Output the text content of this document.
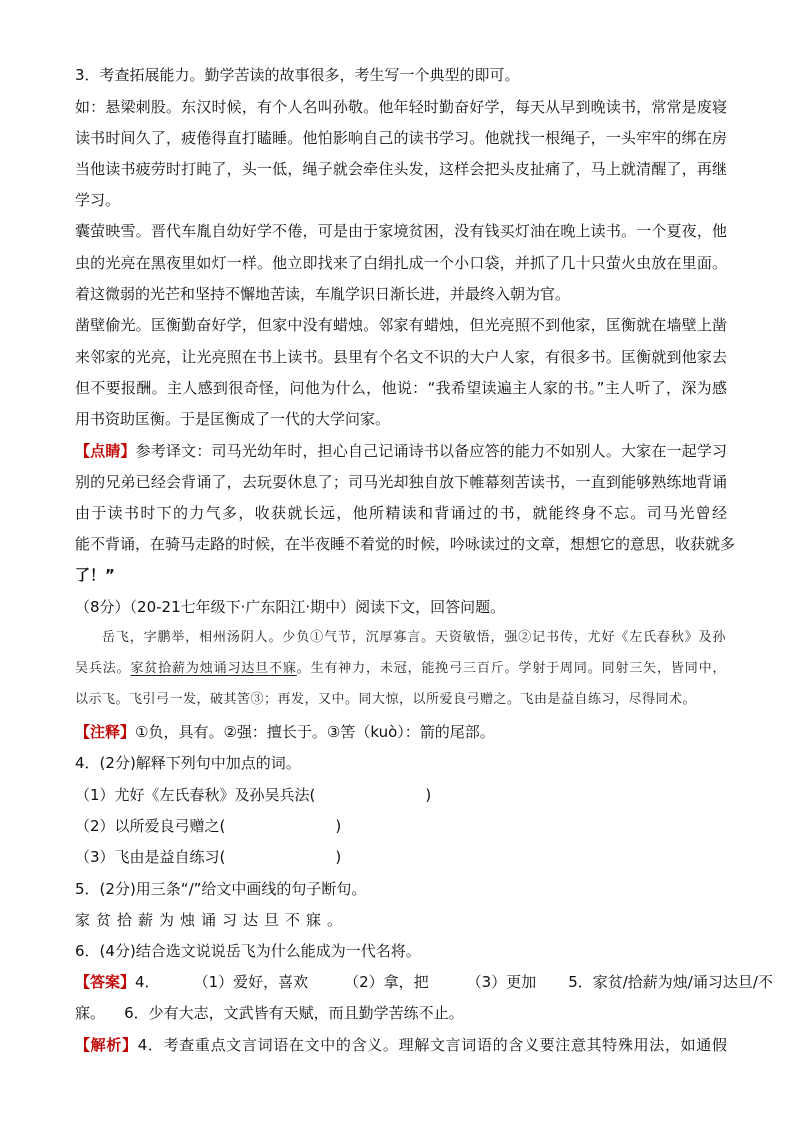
3．考查拓展能力。勤学苦读的故事很多，考生写一个典型的即可。
如：悬梁刺股。东汉时候，有个人名叫孙敬。他年轻时勤奋好学，每天从早到晚读书，常常是废寝
读书时间久了，疲倦得直打瞌睡。他怕影响自己的读书学习。他就找一根绳子，一头牢牢的绑在房
当他读书疲劳时打盹了，头一低，绳子就会牵住头发，这样会把头皮扯痛了，马上就清醒了，再继
学习。
囊萤映雪。晋代车胤自幼好学不倦，可是由于家境贫困，没有钱买灯油在晚上读书。一个夏夜，他
虫的光亮在黑夜里如灯一样。他立即找来了白绢扎成一个小口袋，并抓了几十只萤火虫放在里面。
着这微弱的光芒和坚持不懈地苦读，车胤学识日渐长进，并最终入朝为官。
凿壁偷光。匡衡勤奋好学，但家中没有蜡烛。邻家有蜡烛，但光亮照不到他家，匡衡就在墙壁上凿
来邻家的光亮，让光亮照在书上读书。县里有个名文不识的大户人家，有很多书。匡衡就到他家去
但不要报酬。主人感到很奇怪，问他为什么，他说：“我希望读遍主人家的书。”主人听了，深为感
用书资助匡衡。于是匡衡成了一代的大学问家。
【点睛】参考译文：司马光幼年时，担心自己记诵诗书以备应答的能力不如别人。大家在一起学习
别的兄弟已经会背诵了，去玩耍休息了；司马光却独自放下帷幕刻苦读书，一直到能够熟练地背诵
由于读书时下的力气多，收获就长远，他所精读和背诵过的书，就能终身不忘。司马光曾经
能不背诵，在骑马走路的时候，在半夜睡不着觉的时候，吟咏读过的文章，想想它的意思，收获就多
了！”
（8分）（20-21七年级下·广东阳江·期中）阅读下文，回答问题。
岳飞，字鹏举，相州汤阴人。少负①气节，沉厚寡言。天资敏悟，强②记书传，尤好《左氏春秋》及孙
吴兵法。家贫拾薪为烛诵习达旦不寐。生有神力，未冠，能挽弓三百斤。学射于周同。同射三矢，皆同中，
以示飞。飞引弓一发，破其筈③；再发，又中。同大惊，以所爱良弓赠之。飞由是益自练习，尽得同术。
【注释】①负，具有。②强：擅长于。③筈（kuò）：箭的尾部。
4．(2分)解释下列句中加点的词。
（1）尤好《左氏春秋》及孙吴兵法(	)
（2）以所爱良弓赠之(	)
（3）飞由是益自练习(	)
5．(2分)用三条“/”给文中画线的句子断句。
家贫拾薪为烛诵习达旦不寐。
6．(4分)结合选文说说岳飞为什么能成为一代名将。
【答案】4． （1）爱好，喜欢 （2）拿，把	（3）更加 5．家贫/拾薪为烛/诵习达旦/不
寐。    6．少有大志，文武皆有天赋，而且勤学苦练不止。
【解析】4．考查重点文言词语在文中的含义。理解文言词语的含义要注意其特殊用法，如通假
